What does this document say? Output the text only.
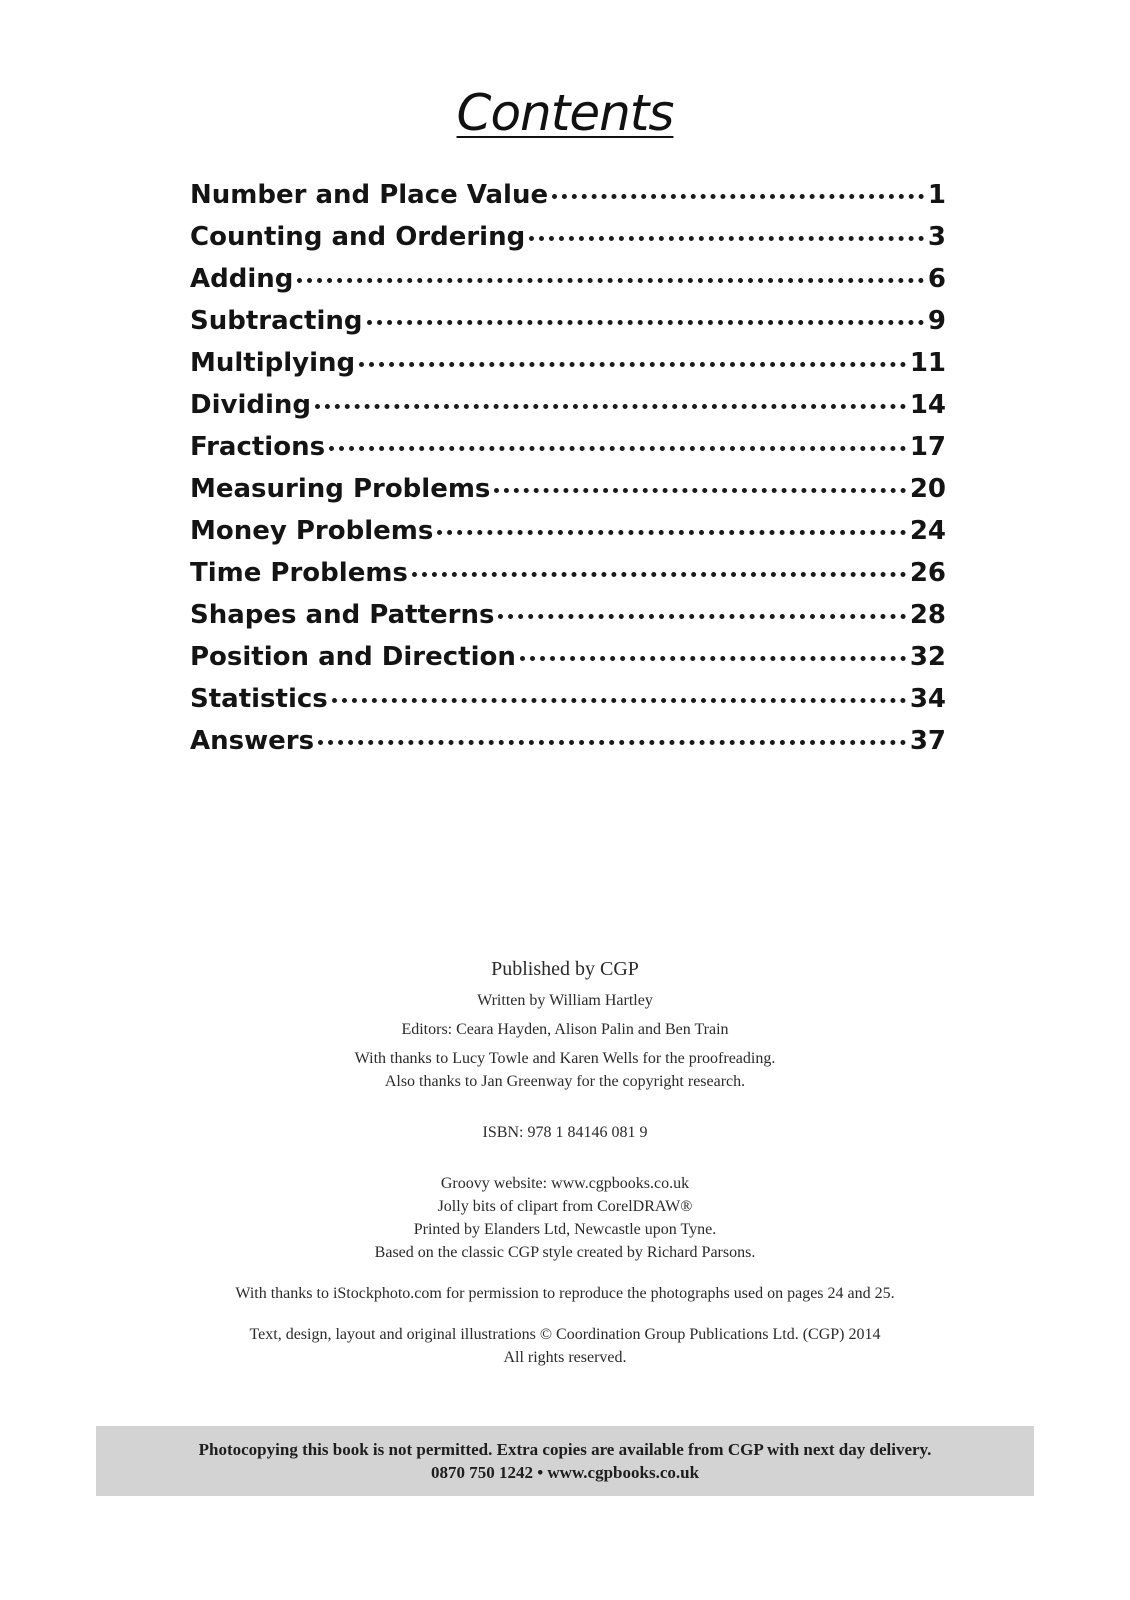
Contents
Number and Place Value	1
Counting and Ordering	3
Adding	6
Subtracting	9
Multiplying	11
Dividing	14
Fractions	17
Measuring Problems	20
Money Problems	24
Time Problems	26
Shapes and Patterns	28
Position and Direction	32
Statistics	34
Answers	37
Published by CGP
Written by William Hartley
Editors: Ceara Hayden, Alison Palin and Ben Train
With thanks to Lucy Towle and Karen Wells for the proofreading.
Also thanks to Jan Greenway for the copyright research.
ISBN: 978 1 84146 081 9
Groovy website: www.cgpbooks.co.uk
Jolly bits of clipart from CorelDRAW®
Printed by Elanders Ltd, Newcastle upon Tyne.
Based on the classic CGP style created by Richard Parsons.
With thanks to iStockphoto.com for permission to reproduce the photographs used on pages 24 and 25.
Text, design, layout and original illustrations © Coordination Group Publications Ltd. (CGP) 2014
All rights reserved.
Photocopying this book is not permitted. Extra copies are available from CGP with next day delivery.
0870 750 1242 • www.cgpbooks.co.uk
